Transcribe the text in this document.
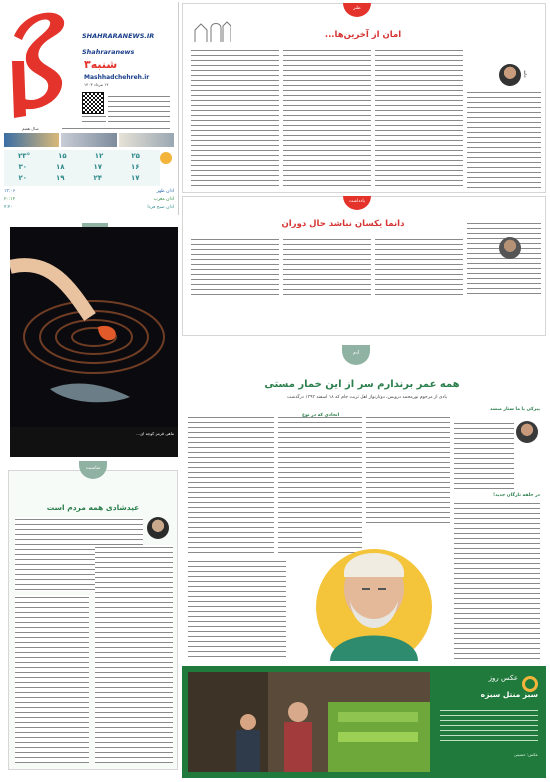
SHAHRARANEWS.IR
Shahraranews
۳شنبه
Mashhadchehreh.ir
۱۴ مرداد ۱۴۰۳
سال هفتم
۲۳°	۱۵	۱۲	۲۵
۳۰	۱۸	۱۷	۱۶
۲۰	۱۹	۲۴	۱۷
اذان ظهر
۱۳:۰۶
اذان مغرب
۲۰:۱۲
اذان صبح فردا
۴:۴۰
طنز
امان از آخرین‌ها...
حامد
یادداشت
دانما یکسان نباشد حال دوران
ماهی قرمز کوچه ای...
مناسبت
عیدشادی همه مردم است
آدم
همه عمر برندارم سر از این خمار مستی
یادی از مرحوم نورمحمد درویش، دوتارنواز اهل تربت جام که ۱۸ اسفند ۱۳۹۳ درگذشت
اتحادی که در نوع
پیرکی یا ما ستاز میشد
در حلقه تازگان جدید!
عکس روز
سبز منتل سبزه
عکس: حسینی
